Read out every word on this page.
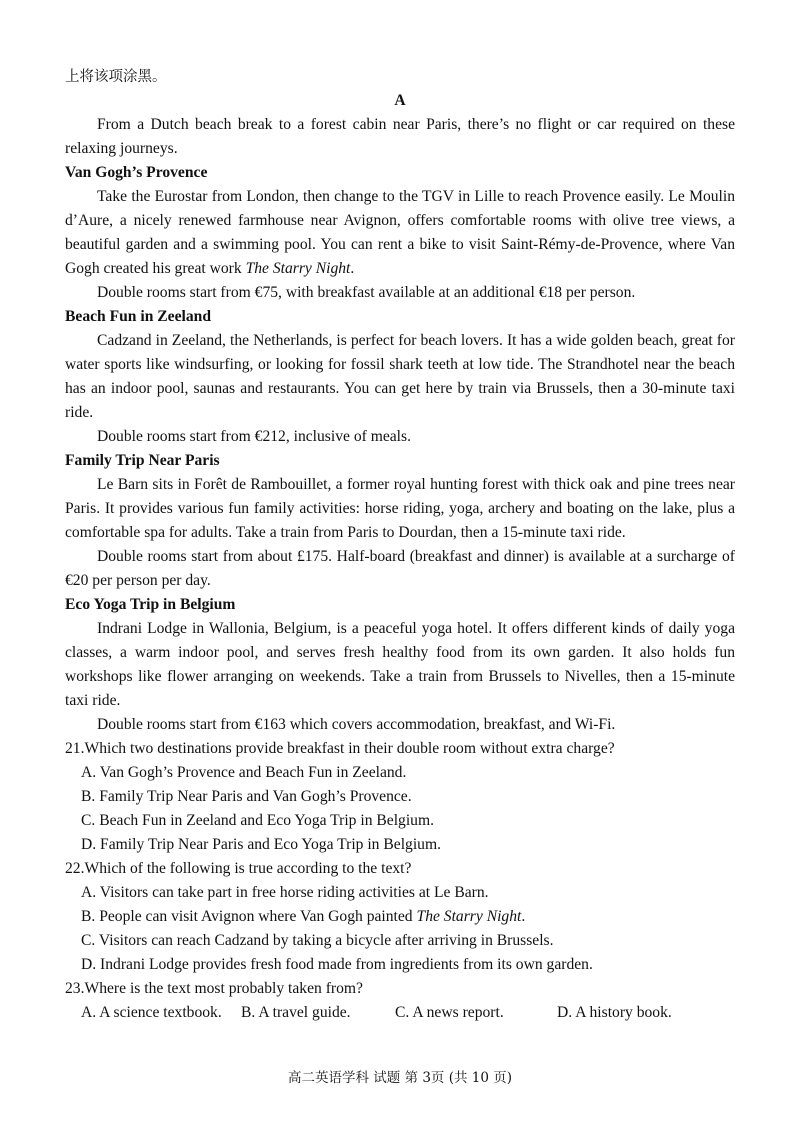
上将该项涂黑。
A
From a Dutch beach break to a forest cabin near Paris, there’s no flight or car required on these relaxing journeys.
Van Gogh’s Provence
Take the Eurostar from London, then change to the TGV in Lille to reach Provence easily. Le Moulin d’Aure, a nicely renewed farmhouse near Avignon, offers comfortable rooms with olive tree views, a beautiful garden and a swimming pool. You can rent a bike to visit Saint-Rémy-de-Provence, where Van Gogh created his great work The Starry Night.
Double rooms start from €75, with breakfast available at an additional €18 per person.
Beach Fun in Zeeland
Cadzand in Zeeland, the Netherlands, is perfect for beach lovers. It has a wide golden beach, great for water sports like windsurfing, or looking for fossil shark teeth at low tide. The Strandhotel near the beach has an indoor pool, saunas and restaurants. You can get here by train via Brussels, then a 30-minute taxi ride.
Double rooms start from €212, inclusive of meals.
Family Trip Near Paris
Le Barn sits in Forêt de Rambouillet, a former royal hunting forest with thick oak and pine trees near Paris. It provides various fun family activities: horse riding, yoga, archery and boating on the lake, plus a comfortable spa for adults. Take a train from Paris to Dourdan, then a 15-minute taxi ride.
Double rooms start from about £175. Half-board (breakfast and dinner) is available at a surcharge of €20 per person per day.
Eco Yoga Trip in Belgium
Indrani Lodge in Wallonia, Belgium, is a peaceful yoga hotel. It offers different kinds of daily yoga classes, a warm indoor pool, and serves fresh healthy food from its own garden. It also holds fun workshops like flower arranging on weekends. Take a train from Brussels to Nivelles, then a 15-minute taxi ride.
Double rooms start from €163 which covers accommodation, breakfast, and Wi-Fi.
21.Which two destinations provide breakfast in their double room without extra charge?
A. Van Gogh’s Provence and Beach Fun in Zeeland.
B. Family Trip Near Paris and Van Gogh’s Provence.
C. Beach Fun in Zeeland and Eco Yoga Trip in Belgium.
D. Family Trip Near Paris and Eco Yoga Trip in Belgium.
22.Which of the following is true according to the text?
A. Visitors can take part in free horse riding activities at Le Barn.
B. People can visit Avignon where Van Gogh painted The Starry Night.
C. Visitors can reach Cadzand by taking a bicycle after arriving in Brussels.
D. Indrani Lodge provides fresh food made from ingredients from its own garden.
23.Where is the text most probably taken from?
A. A science textbook.	B. A travel guide.	C. A news report.	D. A history book.
高二英语学科 试题 第 3页 (共 10 页)
